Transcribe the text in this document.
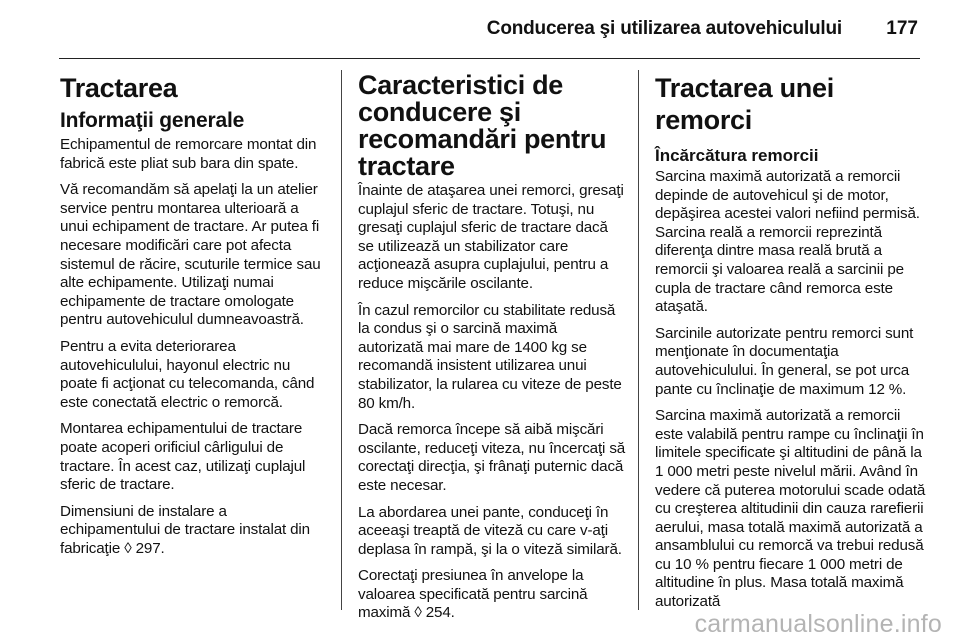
Conducerea şi utilizarea autovehiculului 177
Tractarea
Informaţii generale

Echipamentul de remorcare montat din fabrică este pliat sub bara din spate.

Vă recomandăm să apelaţi la un atelier service pentru montarea ulterioară a unui echipament de tractare. Ar putea fi necesare modificări care pot afecta sistemul de răcire, scuturile termice sau alte echipamente. Utilizaţi numai echipamente de tractare omologate pentru autovehiculul dumneavoastră.

Pentru a evita deteriorarea autovehiculului, hayonul electric nu poate fi acţionat cu telecomanda, când este conectată electric o remorcă.

Montarea echipamentului de tractare poate acoperi orificiul cârligului de tractare. În acest caz, utilizaţi cuplajul sferic de tractare.

Dimensiuni de instalare a echipamentului de tractare instalat din fabricaţie ◊ 297.

Caracteristici de conducere şi recomandări pentru tractare

Înainte de ataşarea unei remorci, gresaţi cuplajul sferic de tractare. Totuşi, nu gresaţi cuplajul sferic de tractare dacă se utilizează un stabilizator care acţionează asupra cuplajului, pentru a reduce mişcările oscilante.

În cazul remorcilor cu stabilitate redusă la condus şi o sarcină maximă autorizată mai mare de 1400 kg se recomandă insistent utilizarea unui stabilizator, la rularea cu viteze de peste 80 km/h.

Dacă remorca începe să aibă mişcări oscilante, reduceţi viteza, nu încercaţi să corectaţi direcţia, şi frânaţi puternic dacă este necesar.

La abordarea unei pante, conduceţi în aceeaşi treaptă de viteză cu care v-aţi deplasa în rampă, şi la o viteză similară.

Corectaţi presiunea în anvelope la valoarea specificată pentru sarcină maximă ◊ 254.

Tractarea unei remorci
Încărcătura remorcii

Sarcina maximă autorizată a remorcii depinde de autovehicul şi de motor, depăşirea acestei valori nefiind permisă. Sarcina reală a remorcii reprezintă diferenţa dintre masa reală brută a remorcii şi valoarea reală a sarcinii pe cupla de tractare când remorca este ataşată.

Sarcinile autorizate pentru remorci sunt menţionate în documentaţia autovehiculului. În general, se pot urca pante cu înclinaţie de maximum 12 %.

Sarcina maximă autorizată a remorcii este valabilă pentru rampe cu înclinaţii în limitele specificate şi altitudini de până la 1 000 metri peste nivelul mării. Având în vedere că puterea motorului scade odată cu creşterea altitudinii din cauza rarefierii aerului, masa totală maximă autorizată a ansamblului cu remorcă va trebui redusă cu 10 % pentru fiecare 1 000 metri de altitudine în plus. Masa totală maximă autorizată

carmanualsonline.info
